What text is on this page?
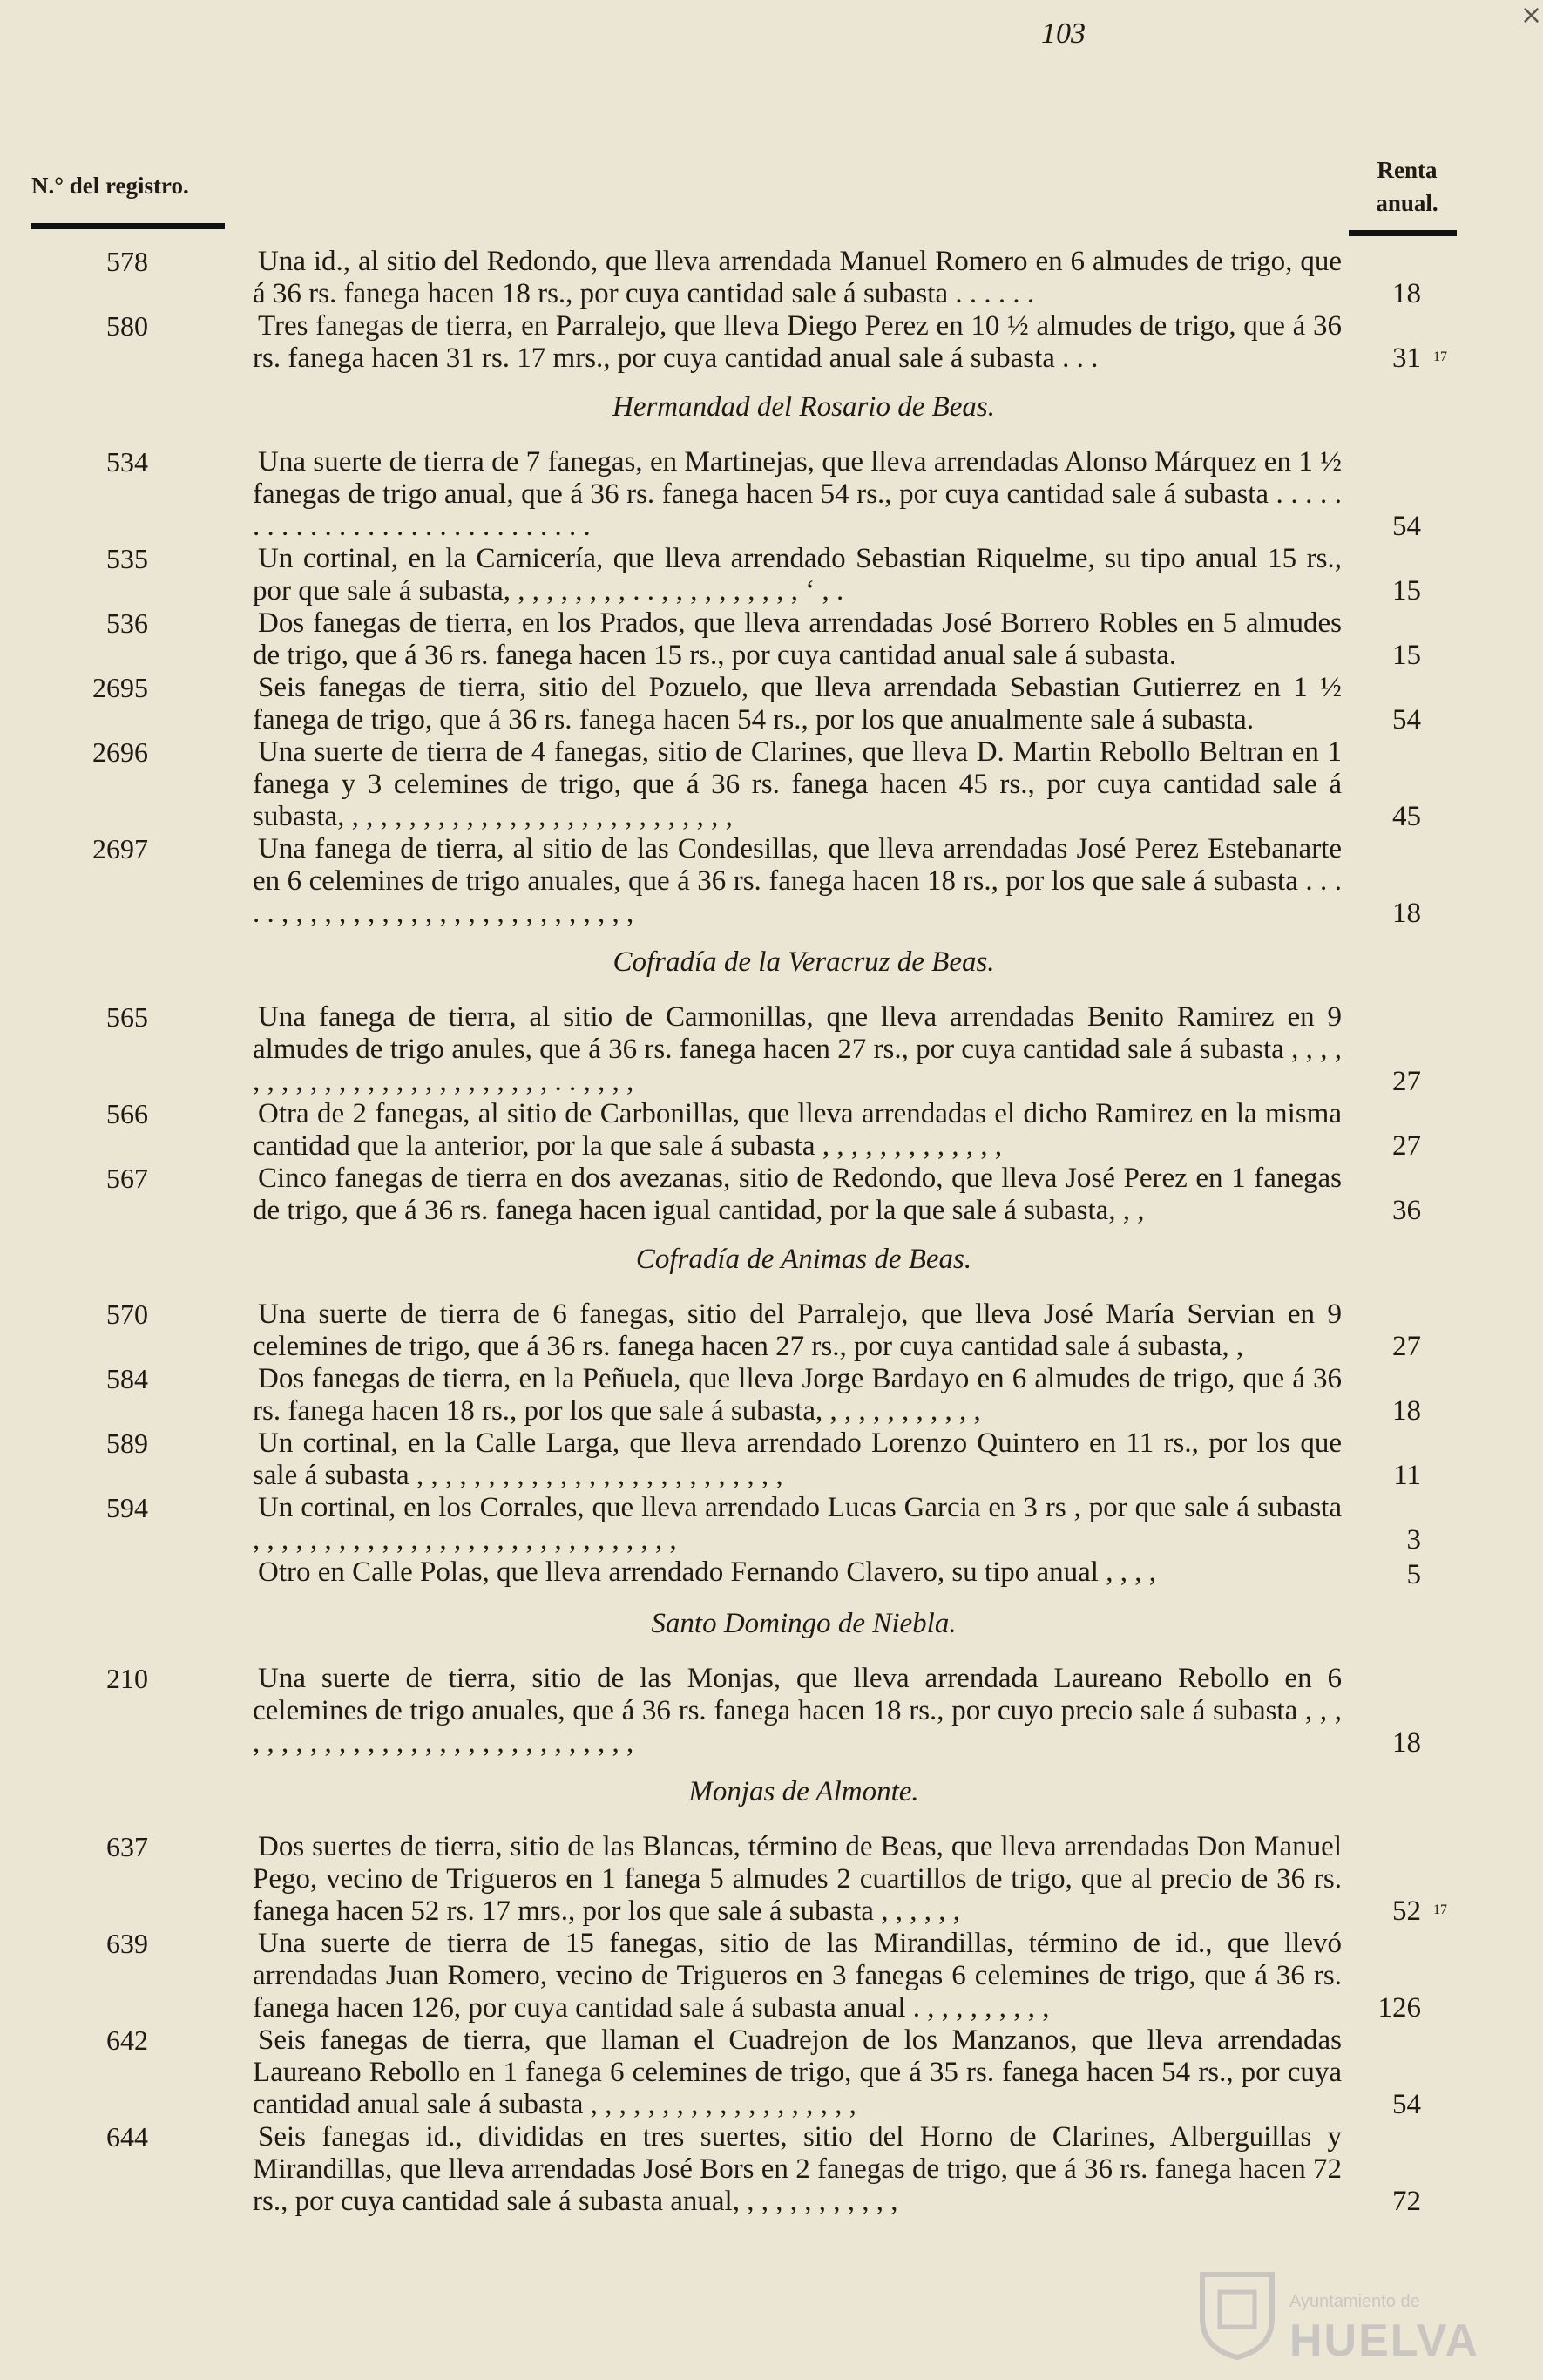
103
×
N.° del registro.
Renta
anual.
578	Una id., al sitio del Redondo, que lleva arrendada Manuel Romero en 6 almudes de trigo, que á 36 rs. fanega hacen 18 rs., por cuya cantidad sale á subasta . . . . . .	18
580	Tres fanegas de tierra, en Parralejo, que lleva Diego Perez en 10 ½ almudes de trigo, que á 36 rs. fanega hacen 31 rs. 17 mrs., por cuya cantidad anual sale á subasta . . .	31 17
Hermandad del Rosario de Beas.
534	Una suerte de tierra de 7 fanegas, en Martinejas, que lleva arrendadas Alonso Márquez en 1 ½ fanegas de trigo anual, que á 36 rs. fanega hacen 54 rs., por cuya cantidad sale á subasta . . . . . . . . . . . . . . . . . . . . . . . . . . . . .	54
535	Un cortinal, en la Carnicería, que lleva arrendado Sebastian Riquelme, su tipo anual 15 rs., por que sale á subasta, , , , , , , , , . . , , , , , , , , , , ‘ , .	15
536	Dos fanegas de tierra, en los Prados, que lleva arrendadas José Borrero Robles en 5 almudes de trigo, que á 36 rs. fanega hacen 15 rs., por cuya cantidad anual sale á subasta.	15
2695	Seis fanegas de tierra, sitio del Pozuelo, que lleva arrendada Sebastian Gutierrez en 1 ½ fanega de trigo, que á 36 rs. fanega hacen 54 rs., por los que anualmente sale á subasta.	54
2696	Una suerte de tierra de 4 fanegas, sitio de Clarines, que lleva D. Martin Rebollo Beltran en 1 fanega y 3 celemines de trigo, que á 36 rs. fanega hacen 45 rs., por cuya cantidad sale á subasta, , , , , , , , , , , , , , , , , , , , , , , , , , , ,	45
2697	Una fanega de tierra, al sitio de las Condesillas, que lleva arrendadas José Perez Estebanarte en 6 celemines de trigo anuales, que á 36 rs. fanega hacen 18 rs., por los que sale á subasta . . . . . , , , , , , , , , , , , , , , , , , , , , , , , ,	18
Cofradía de la Veracruz de Beas.
565	Una fanega de tierra, al sitio de Carmonillas, qne lleva arrendadas Benito Ramirez en 9 almudes de trigo anules, que á 36 rs. fanega hacen 27 rs., por cuya cantidad sale á subasta , , , , , , , , , , , , , , , , , , , , , , , , , . . , , , ,	27
566	Otra de 2 fanegas, al sitio de Carbonillas, que lleva arrendadas el dicho Ramirez en la misma cantidad que la anterior, por la que sale á subasta , , , , , , , , , , , , ,	27
567	Cinco fanegas de tierra en dos avezanas, sitio de Redondo, que lleva José Perez en 1 fanegas de trigo, que á 36 rs. fanega hacen igual cantidad, por la que sale á subasta, , ,	36
Cofradía de Animas de Beas.
570	Una suerte de tierra de 6 fanegas, sitio del Parralejo, que lleva José María Servian en 9 celemines de trigo, que á 36 rs. fanega hacen 27 rs., por cuya cantidad sale á subasta, ,	27
584	Dos fanegas de tierra, en la Peñuela, que lleva Jorge Bardayo en 6 almudes de trigo, que á 36 rs. fanega hacen 18 rs., por los que sale á subasta, , , , , , , , , , , ,	18
589	Un cortinal, en la Calle Larga, que lleva arrendado Lorenzo Quintero en 11 rs., por los que sale á subasta , , , , , , , , , , , , , , , , , , , , , , , , , ,	11
594	Un cortinal, en los Corrales, que lleva arrendado Lucas Garcia en 3 rs , por que sale á subasta , , , , , , , , , , , , , , , , , , , , , , , , , , , , , ,	3
Otro en Calle Polas, que lleva arrendado Fernando Clavero, su tipo anual , , , ,	5
Santo Domingo de Niebla.
210	Una suerte de tierra, sitio de las Monjas, que lleva arrendada Laureano Rebollo en 6 celemines de trigo anuales, que á 36 rs. fanega hacen 18 rs., por cuyo precio sale á subasta , , , , , , , , , , , , , , , , , , , , , , , , , , , , , ,	18
Monjas de Almonte.
637	Dos suertes de tierra, sitio de las Blancas, término de Beas, que lleva arrendadas Don Manuel Pego, vecino de Trigueros en 1 fanega 5 almudes 2 cuartillos de trigo, que al precio de 36 rs. fanega hacen 52 rs. 17 mrs., por los que sale á subasta , , , , , ,	52 17
639	Una suerte de tierra de 15 fanegas, sitio de las Mirandillas, término de id., que llevó arrendadas Juan Romero, vecino de Trigueros en 3 fanegas 6 celemines de trigo, que á 36 rs. fanega hacen 126, por cuya cantidad sale á subasta anual . , , , , , , , , ,	126
642	Seis fanegas de tierra, que llaman el Cuadrejon de los Manzanos, que lleva arrendadas Laureano Rebollo en 1 fanega 6 celemines de trigo, que á 35 rs. fanega hacen 54 rs., por cuya cantidad anual sale á subasta , , , , , , , , , , , , , , , , , , ,	54
644	Seis fanegas id., divididas en tres suertes, sitio del Horno de Clarines, Alberguillas y Mirandillas, que lleva arrendadas José Bors en 2 fanegas de trigo, que á 36 rs. fanega hacen 72 rs., por cuya cantidad sale á subasta anual, , , , , , , , , , , ,	72
Ayuntamiento de
HUELVA
